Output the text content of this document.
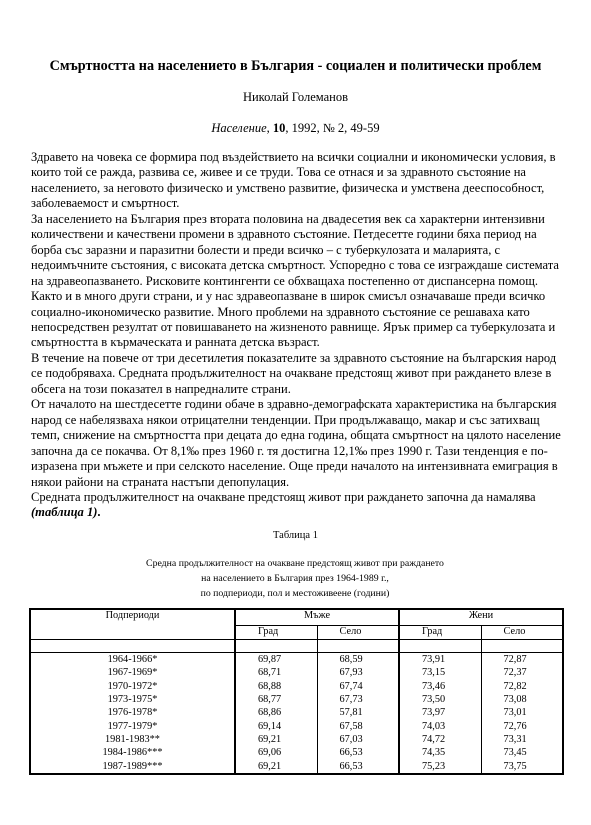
Смъртността на населението в България - социален и политически проблем
Николай Големанов
Население, 10, 1992, № 2, 49-59

Здравето на човека се формира под въздействието на всички социални и икономически условия, в които той се ражда, развива се, живее и се труди. Това се отнася и за здравното състояние на населението, за неговото физическо и умствено развитие, физическа и умствена дееспособност, заболеваемост и смъртност.

За населението на България през втората половина на двадесетия век са характерни интензивни количествени и качествени промени в здравното състояние. Петдесетте години бяха период на борба със заразни и паразитни болести и преди всичко – с туберкулозата и маларията, с недоимъчните състояния, с високата детска смъртност. Успоредно с това се изграждаше системата на здравеопазването. Рисковите контингенти се обхващаха постепенно от диспансерна помощ.

Както и в много други страни, и у нас здравеопазване в широк смисъл означаваше преди всичко социално-икономическо развитие. Много проблеми на здравното състояние се решаваха като непосредствен резултат от повишаването на жизненото равнище. Ярък пример са туберкулозата и смъртността в кърмаческата и ранната детска възраст.

В течение на повече от три десетилетия показателите за здравното състояние на българския народ се подобряваха. Средната продължителност на очакване предстоящ живот при раждането влезе в обсега на този показател в напредналите страни.

От началото на шестдесетте години обаче в здравно-демографската характеристика на българския народ се набелязваха някои отрицателни тенденции. При продължаващо, макар и със затихващ темп, снижение на смъртността при децата до една година, общата смъртност на цялото население започна да се покачва. От 8,1‰ през 1960 г. тя достигна 12,1‰ през 1990 г. Тази тенденция е по-изразена при мъжете и при селското население. Още преди началото на интензивната емиграция в някои райони на страната настъпи депопулация.

Средната продължителност на очакване предстоящ живот при раждането започна да намалява (таблица 1).

Таблица 1
Средна продължителност на очакване предстоящ живот при раждането
на населението в България през 1964-1989 г.,
по подпериоди, пол и местоживеене (години)
Подпериоди	Мъже		Жени	
	Град	Село	Град	Село

1964-1966*	69,87	68,59	73,91	72,87
1967-1969*	68,71	67,93	73,15	72,37
1970-1972*	68,88	67,74	73,46	72,82
1973-1975*	68,77	67,73	73,50	73,08
1976-1978*	68,86	57,81	73,97	73,01
1977-1979*	69,14	67,58	74,03	72,76
1981-1983**	69,21	67,03	74,72	73,31
1984-1986***	69,06	66,53	74,35	73,45
1987-1989***	69,21	66,53	75,23	73,75
